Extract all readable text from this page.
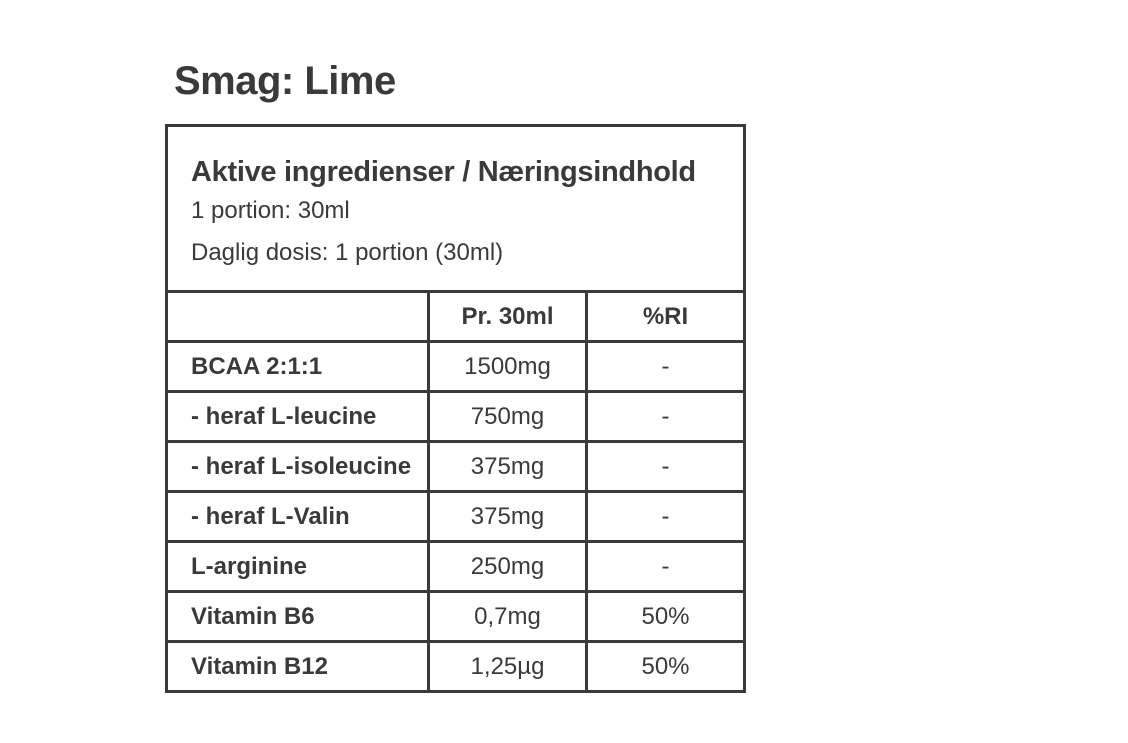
Smag: Lime
Aktive ingredienser / Næringsindhold
1 portion: 30ml
Daglig dosis: 1 portion (30ml)		

	Pr. 30ml	%RI
BCAA 2:1:1	1500mg	-
- heraf L-leucine	750mg	-
- heraf L-isoleucine	375mg	-
- heraf L-Valin	375mg	-
L-arginine	250mg	-
Vitamin B6	0,7mg	50%
Vitamin B12	1,25µg	50%
